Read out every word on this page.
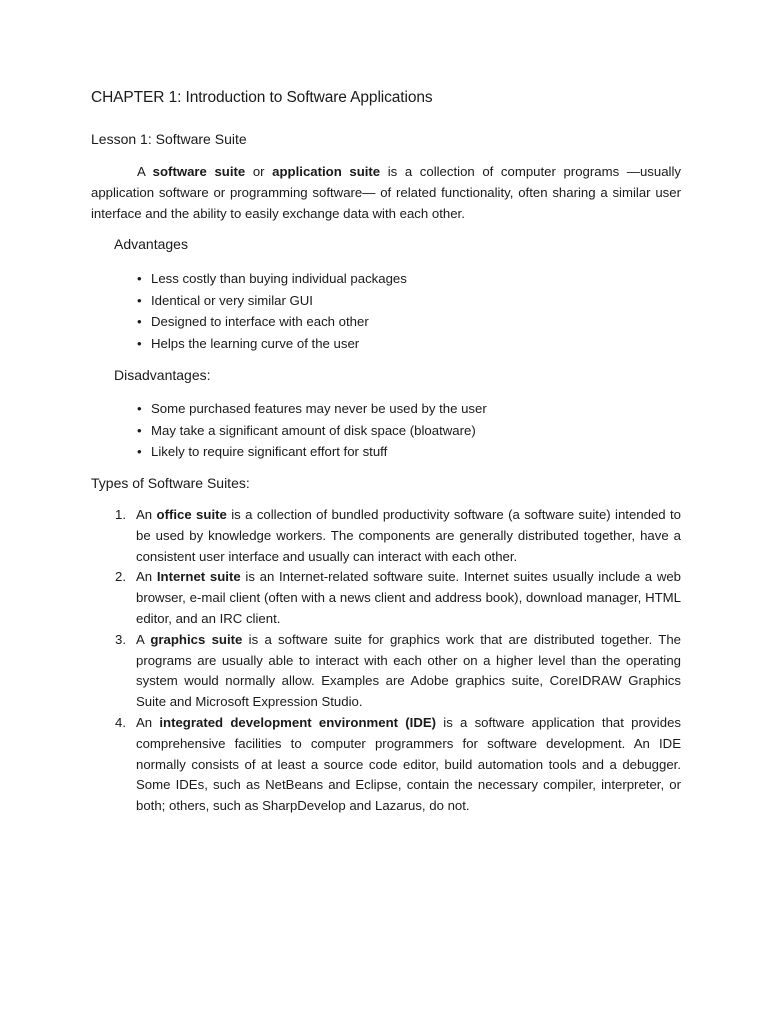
CHAPTER 1: Introduction to Software Applications
Lesson 1: Software Suite

A software suite or application suite is a collection of computer programs —usually application software or programming software— of related functionality, often sharing a similar user interface and the ability to easily exchange data with each other.

Advantages
• Less costly than buying individual packages
• Identical or very similar GUI
• Designed to interface with each other
• Helps the learning curve of the user
Disadvantages:
• Some purchased features may never be used by the user
• May take a significant amount of disk space (bloatware)
• Likely to require significant effort for stuff
Types of Software Suites:
1. An office suite is a collection of bundled productivity software (a software suite) intended to be used by knowledge workers. The components are generally distributed together, have a consistent user interface and usually can interact with each other.
2. An Internet suite is an Internet-related software suite. Internet suites usually include a web browser, e-mail client (often with a news client and address book), download manager, HTML editor, and an IRC client.
3. A graphics suite is a software suite for graphics work that are distributed together. The programs are usually able to interact with each other on a higher level than the operating system would normally allow. Examples are Adobe graphics suite, CoreIDRAW Graphics Suite and Microsoft Expression Studio.
4. An integrated development environment (IDE) is a software application that provides comprehensive facilities to computer programmers for software development. An IDE normally consists of at least a source code editor, build automation tools and a debugger. Some IDEs, such as NetBeans and Eclipse, contain the necessary compiler, interpreter, or both; others, such as SharpDevelop and Lazarus, do not.
